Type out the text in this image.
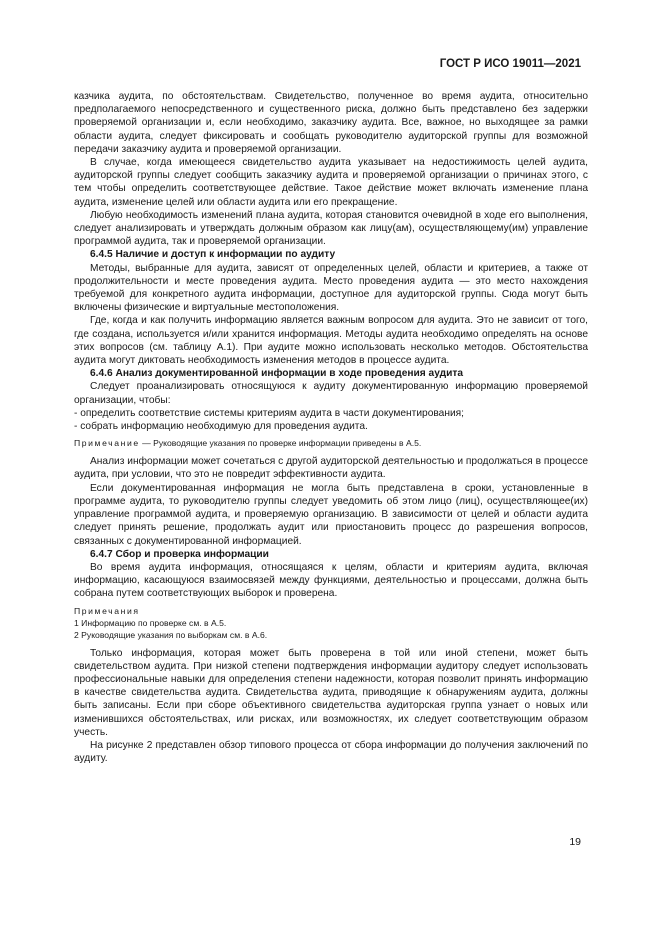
ГОСТ Р ИСО 19011—2021

казчика аудита, по обстоятельствам. Свидетельство, полученное во время аудита, относительно предполагаемого непосредственного и существенного риска, должно быть представлено без задержки проверяемой организации и, если необходимо, заказчику аудита. Все, важное, но выходящее за рамки области аудита, следует фиксировать и сообщать руководителю аудиторской группы для возможной передачи заказчику аудита и проверяемой организации.

В случае, когда имеющееся свидетельство аудита указывает на недостижимость целей аудита, аудиторской группы следует сообщить заказчику аудита и проверяемой организации о причинах этого, с тем чтобы определить соответствующее действие. Такое действие может включать изменение плана аудита, изменение целей или области аудита или его прекращение.

Любую необходимость изменений плана аудита, которая становится очевидной в ходе его выполнения, следует анализировать и утверждать должным образом как лицу(ам), осуществляющему(им) управление программой аудита, так и проверяемой организации.

6.4.5 Наличие и доступ к информации по аудиту

Методы, выбранные для аудита, зависят от определенных целей, области и критериев, а также от продолжительности и месте проведения аудита. Место проведения аудита — это место нахождения требуемой для конкретного аудита информации, доступное для аудиторской группы. Сюда могут быть включены физические и виртуальные местоположения.

Где, когда и как получить информацию является важным вопросом для аудита. Это не зависит от того, где создана, используется и/или хранится информация. Методы аудита необходимо определять на основе этих вопросов (см. таблицу А.1). При аудите можно использовать несколько методов. Обстоятельства аудита могут диктовать необходимость изменения методов в процессе аудита.

6.4.6 Анализ документированной информации в ходе проведения аудита

Следует проанализировать относящуюся к аудиту документированную информацию проверяемой организации, чтобы:

- определить соответствие системы критериям аудита в части документирования;

- собрать информацию необходимую для проведения аудита.

Примечание — Руководящие указания по проверке информации приведены в А.5.

Анализ информации может сочетаться с другой аудиторской деятельностью и продолжаться в процессе аудита, при условии, что это не повредит эффективности аудита.

Если документированная информация не могла быть представлена в сроки, установленные в программе аудита, то руководителю группы следует уведомить об этом лицо (лиц), осуществляющее(их) управление программой аудита, и проверяемую организацию. В зависимости от целей и области аудита следует принять решение, продолжать аудит или приостановить процесс до разрешения вопросов, связанных с документированной информацией.

6.4.7 Сбор и проверка информации

Во время аудита информация, относящаяся к целям, области и критериям аудита, включая информацию, касающуюся взаимосвязей между функциями, деятельностью и процессами, должна быть собрана путем соответствующих выборок и проверена.

Примечания
1 Информацию по проверке см. в А.5.
2 Руководящие указания по выборкам см. в А.6.

Только информация, которая может быть проверена в той или иной степени, может быть свидетельством аудита. При низкой степени подтверждения информации аудитору следует использовать профессиональные навыки для определения степени надежности, которая позволит принять информацию в качестве свидетельства аудита. Свидетельства аудита, приводящие к обнаружениям аудита, должны быть записаны. Если при сборе объективного свидетельства аудиторская группа узнает о новых или изменившихся обстоятельствах, или рисках, или возможностях, их следует соответствующим образом учесть.

На рисунке 2 представлен обзор типового процесса от сбора информации до получения заключений по аудиту.

19
